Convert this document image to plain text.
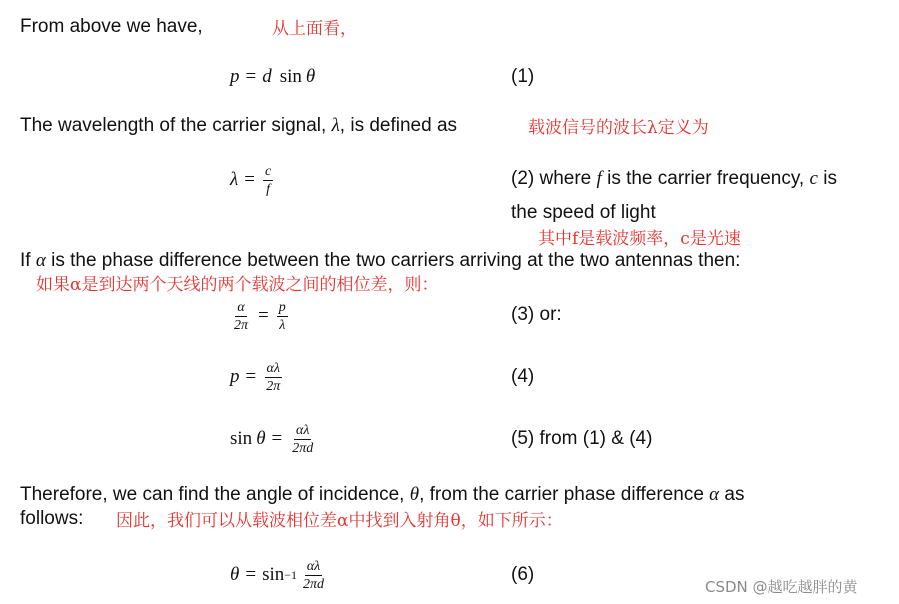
From above we have,	从上面看，
p = d sin θ	(1)
The wavelength of the carrier signal, λ, is defined as	载波信号的波长λ定义为
$\lambda = \frac{c}{f}$	(2) where f is the carrier frequency, c is
the speed of light
其中f是载波频率，c是光速
If α is the phase difference between the two carriers arriving at the two antennas then:
如果α是到达两个天线的两个载波之间的相位差，则：
$\frac{\alpha}{2\pi} = \frac{p}{\lambda}$	(3) or:
$p = \frac{\alpha\lambda}{2\pi}$	(4)
$\sin \theta = \frac{\alpha\lambda}{2\pi d}$	(5) from (1) & (4)
Therefore, we can find the angle of incidence, θ, from the carrier phase difference α as
follows: 因此，我们可以从载波相位差α中找到入射角θ，如下所示：
$\theta = \sin -1 \frac{\alpha\lambda}{2\pi d}$	(6)
CSDN @越吃越胖的黄
